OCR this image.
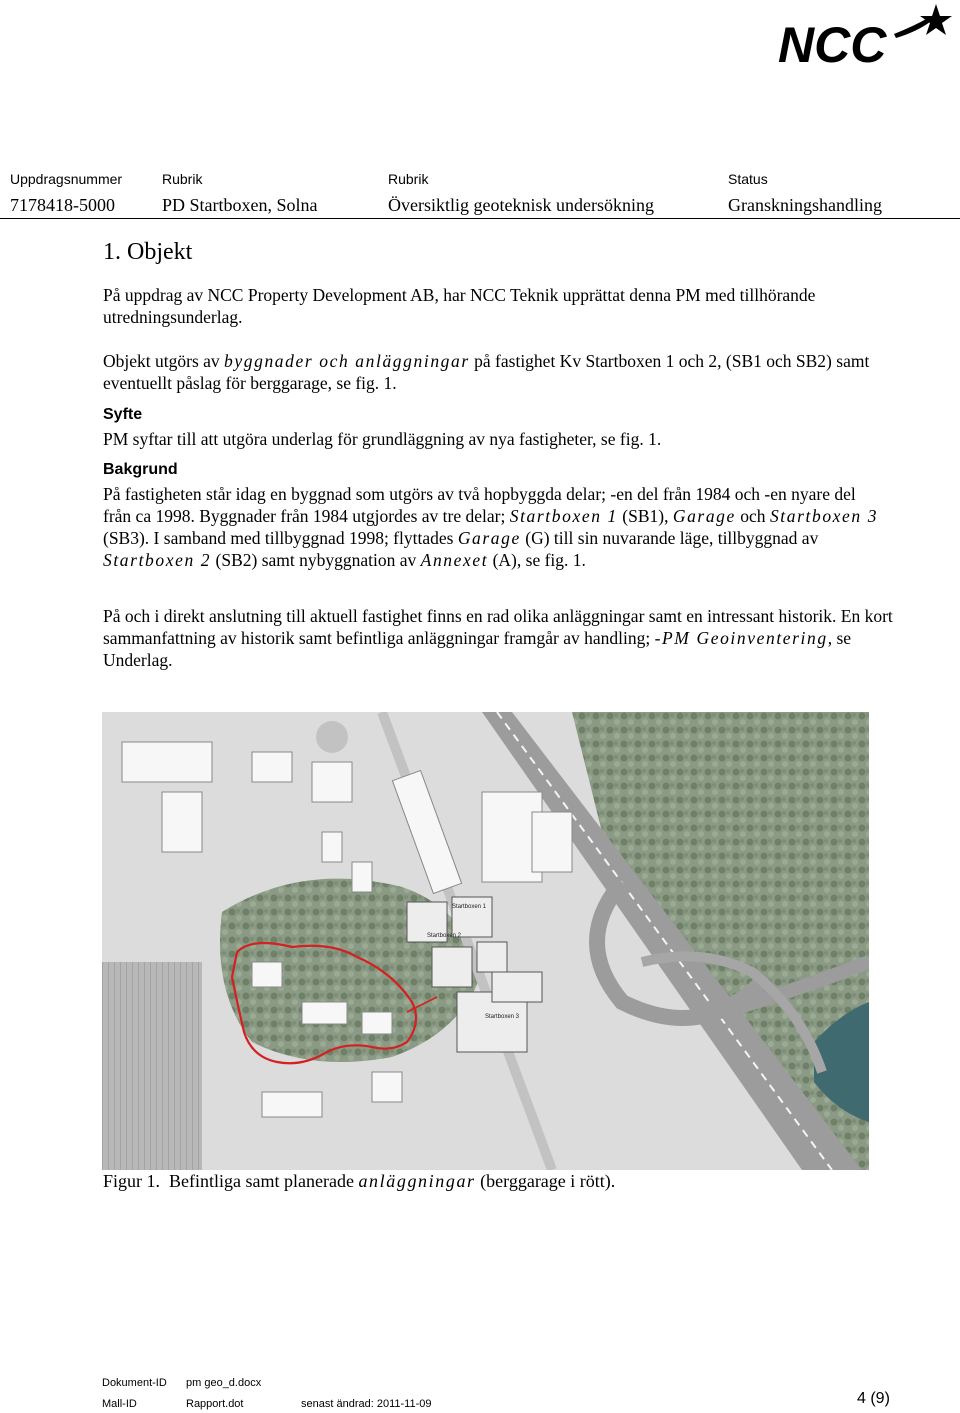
NCC
Uppdragsnummer
7178418-5000
Rubrik
PD Startboxen, Solna
Rubrik
Översiktlig geoteknisk undersökning
Status
Granskningshandling
1. Objekt
På uppdrag av NCC Property Development AB, har NCC Teknik upprättat denna PM med tillhörande utredningsunderlag.
Objekt utgörs av byggnader och anläggningar på fastighet Kv Startboxen 1 och 2, (SB1 och SB2) samt eventuellt påslag för berggarage, se fig. 1.
Syfte
PM syftar till att utgöra underlag för grundläggning av nya fastigheter, se fig. 1.
Bakgrund
På fastigheten står idag en byggnad som utgörs av två hopbyggda delar; -en del från 1984 och -en nyare del från ca 1998. Byggnader från 1984 utgjordes av tre delar; Startboxen 1 (SB1), Garage och Startboxen 3 (SB3). I samband med tillbyggnad 1998; flyttades Garage (G) till sin nuvarande läge, tillbyggnad av Startboxen 2 (SB2) samt nybyggnation av Annexet (A), se fig. 1.
På och i direkt anslutning till aktuell fastighet finns en rad olika anläggningar samt en intressant historik. En kort sammanfattning av historik samt befintliga anläggningar framgår av handling; -PM Geoinventering, se Underlag.
Startboxen 1
Startboxen 2
Startboxen 3
Figur 1. Befintliga samt planerade anläggningar (berggarage i rött).
Dokument-ID pm geo_d.docx
Mall-ID	Rapport.dot	senast ändrad: 2011-11-09	4 (9)
